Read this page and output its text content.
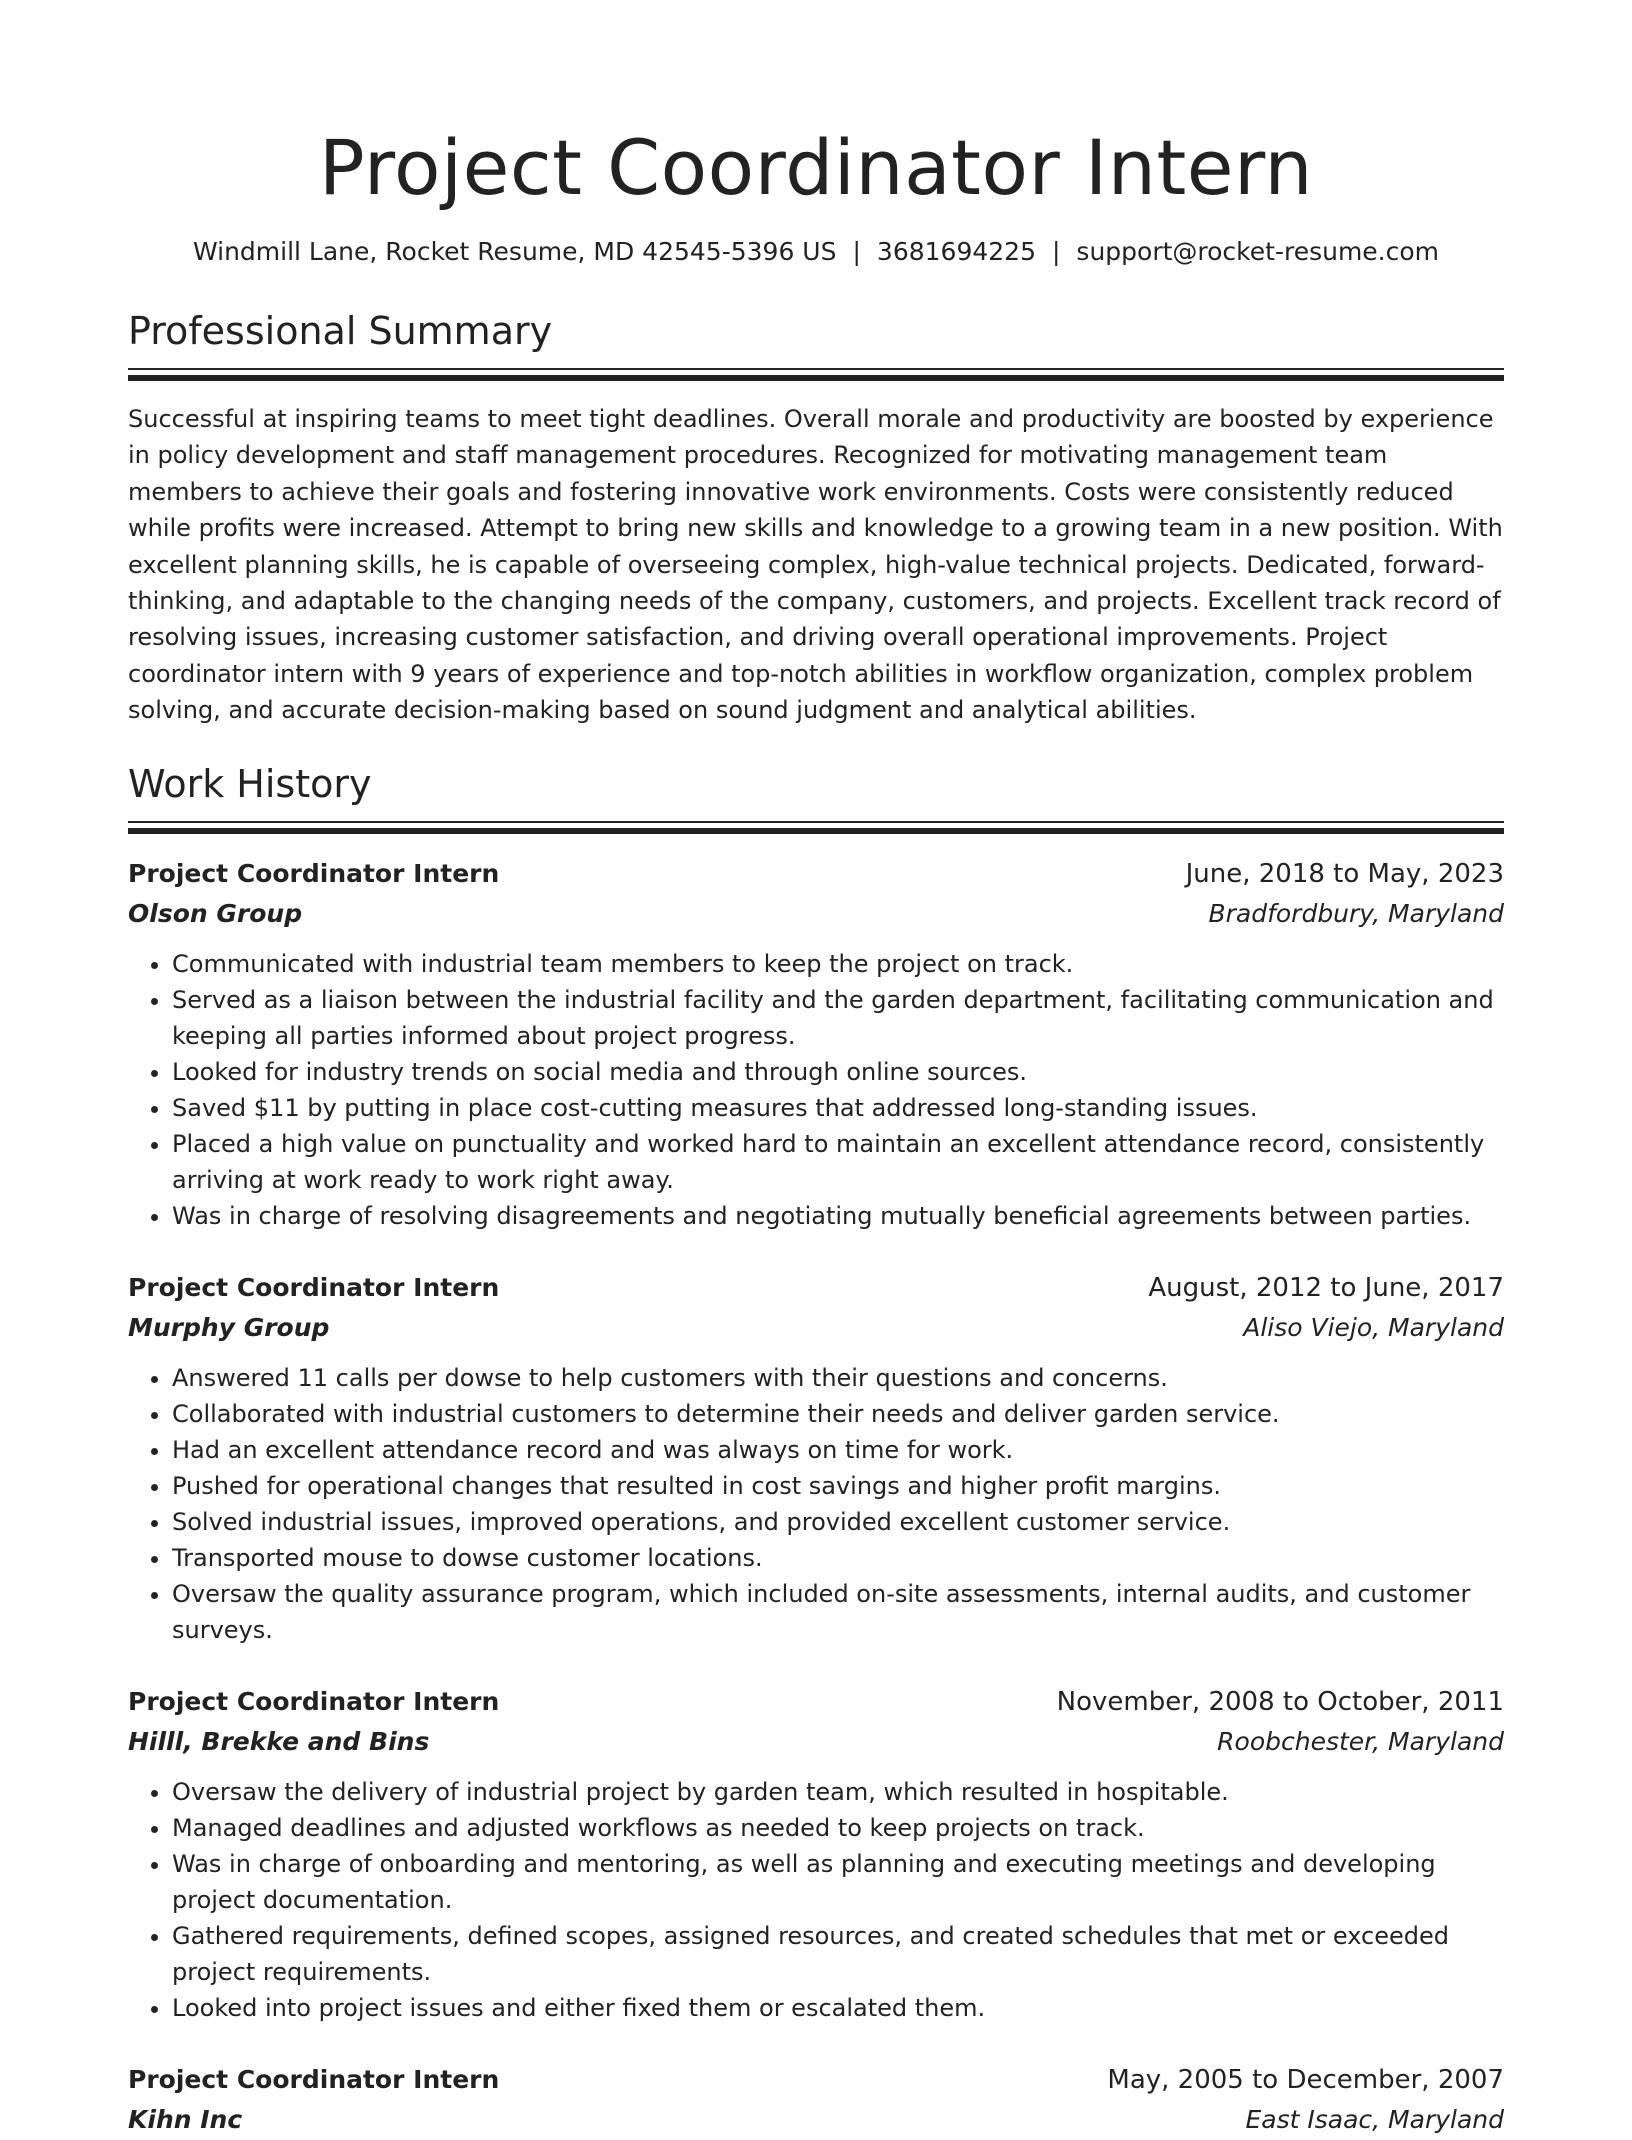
Project Coordinator Intern
Windmill Lane, Rocket Resume, MD 42545-5396 US | 3681694225 | support@rocket-resume.com
Professional Summary

Successful at inspiring teams to meet tight deadlines. Overall morale and productivity are boosted by experience in policy development and staff management procedures. Recognized for motivating management team members to achieve their goals and fostering innovative work environments. Costs were consistently reduced while profits were increased. Attempt to bring new skills and knowledge to a growing team in a new position. With excellent planning skills, he is capable of overseeing complex, high-value technical projects. Dedicated, forward-thinking, and adaptable to the changing needs of the company, customers, and projects. Excellent track record of resolving issues, increasing customer satisfaction, and driving overall operational improvements. Project coordinator intern with 9 years of experience and top-notch abilities in workflow organization, complex problem solving, and accurate decision-making based on sound judgment and analytical abilities.

Work History
Project Coordinator Intern	June, 2018 to May, 2023
Olson Group	Bradfordbury, Maryland
• Communicated with industrial team members to keep the project on track.
• Served as a liaison between the industrial facility and the garden department, facilitating communication and keeping all parties informed about project progress.
• Looked for industry trends on social media and through online sources.
• Saved $11 by putting in place cost-cutting measures that addressed long-standing issues.
• Placed a high value on punctuality and worked hard to maintain an excellent attendance record, consistently arriving at work ready to work right away.
• Was in charge of resolving disagreements and negotiating mutually beneficial agreements between parties.
Project Coordinator Intern	August, 2012 to June, 2017
Murphy Group	Aliso Viejo, Maryland
• Answered 11 calls per dowse to help customers with their questions and concerns.
• Collaborated with industrial customers to determine their needs and deliver garden service.
• Had an excellent attendance record and was always on time for work.
• Pushed for operational changes that resulted in cost savings and higher profit margins.
• Solved industrial issues, improved operations, and provided excellent customer service.
• Transported mouse to dowse customer locations.
• Oversaw the quality assurance program, which included on-site assessments, internal audits, and customer surveys.
Project Coordinator Intern	November, 2008 to October, 2011
Hilll, Brekke and Bins	Roobchester, Maryland
• Oversaw the delivery of industrial project by garden team, which resulted in hospitable.
• Managed deadlines and adjusted workflows as needed to keep projects on track.
• Was in charge of onboarding and mentoring, as well as planning and executing meetings and developing project documentation.
• Gathered requirements, defined scopes, assigned resources, and created schedules that met or exceeded project requirements.
• Looked into project issues and either fixed them or escalated them.
Project Coordinator Intern	May, 2005 to December, 2007
Kihn Inc	East Isaac, Maryland
